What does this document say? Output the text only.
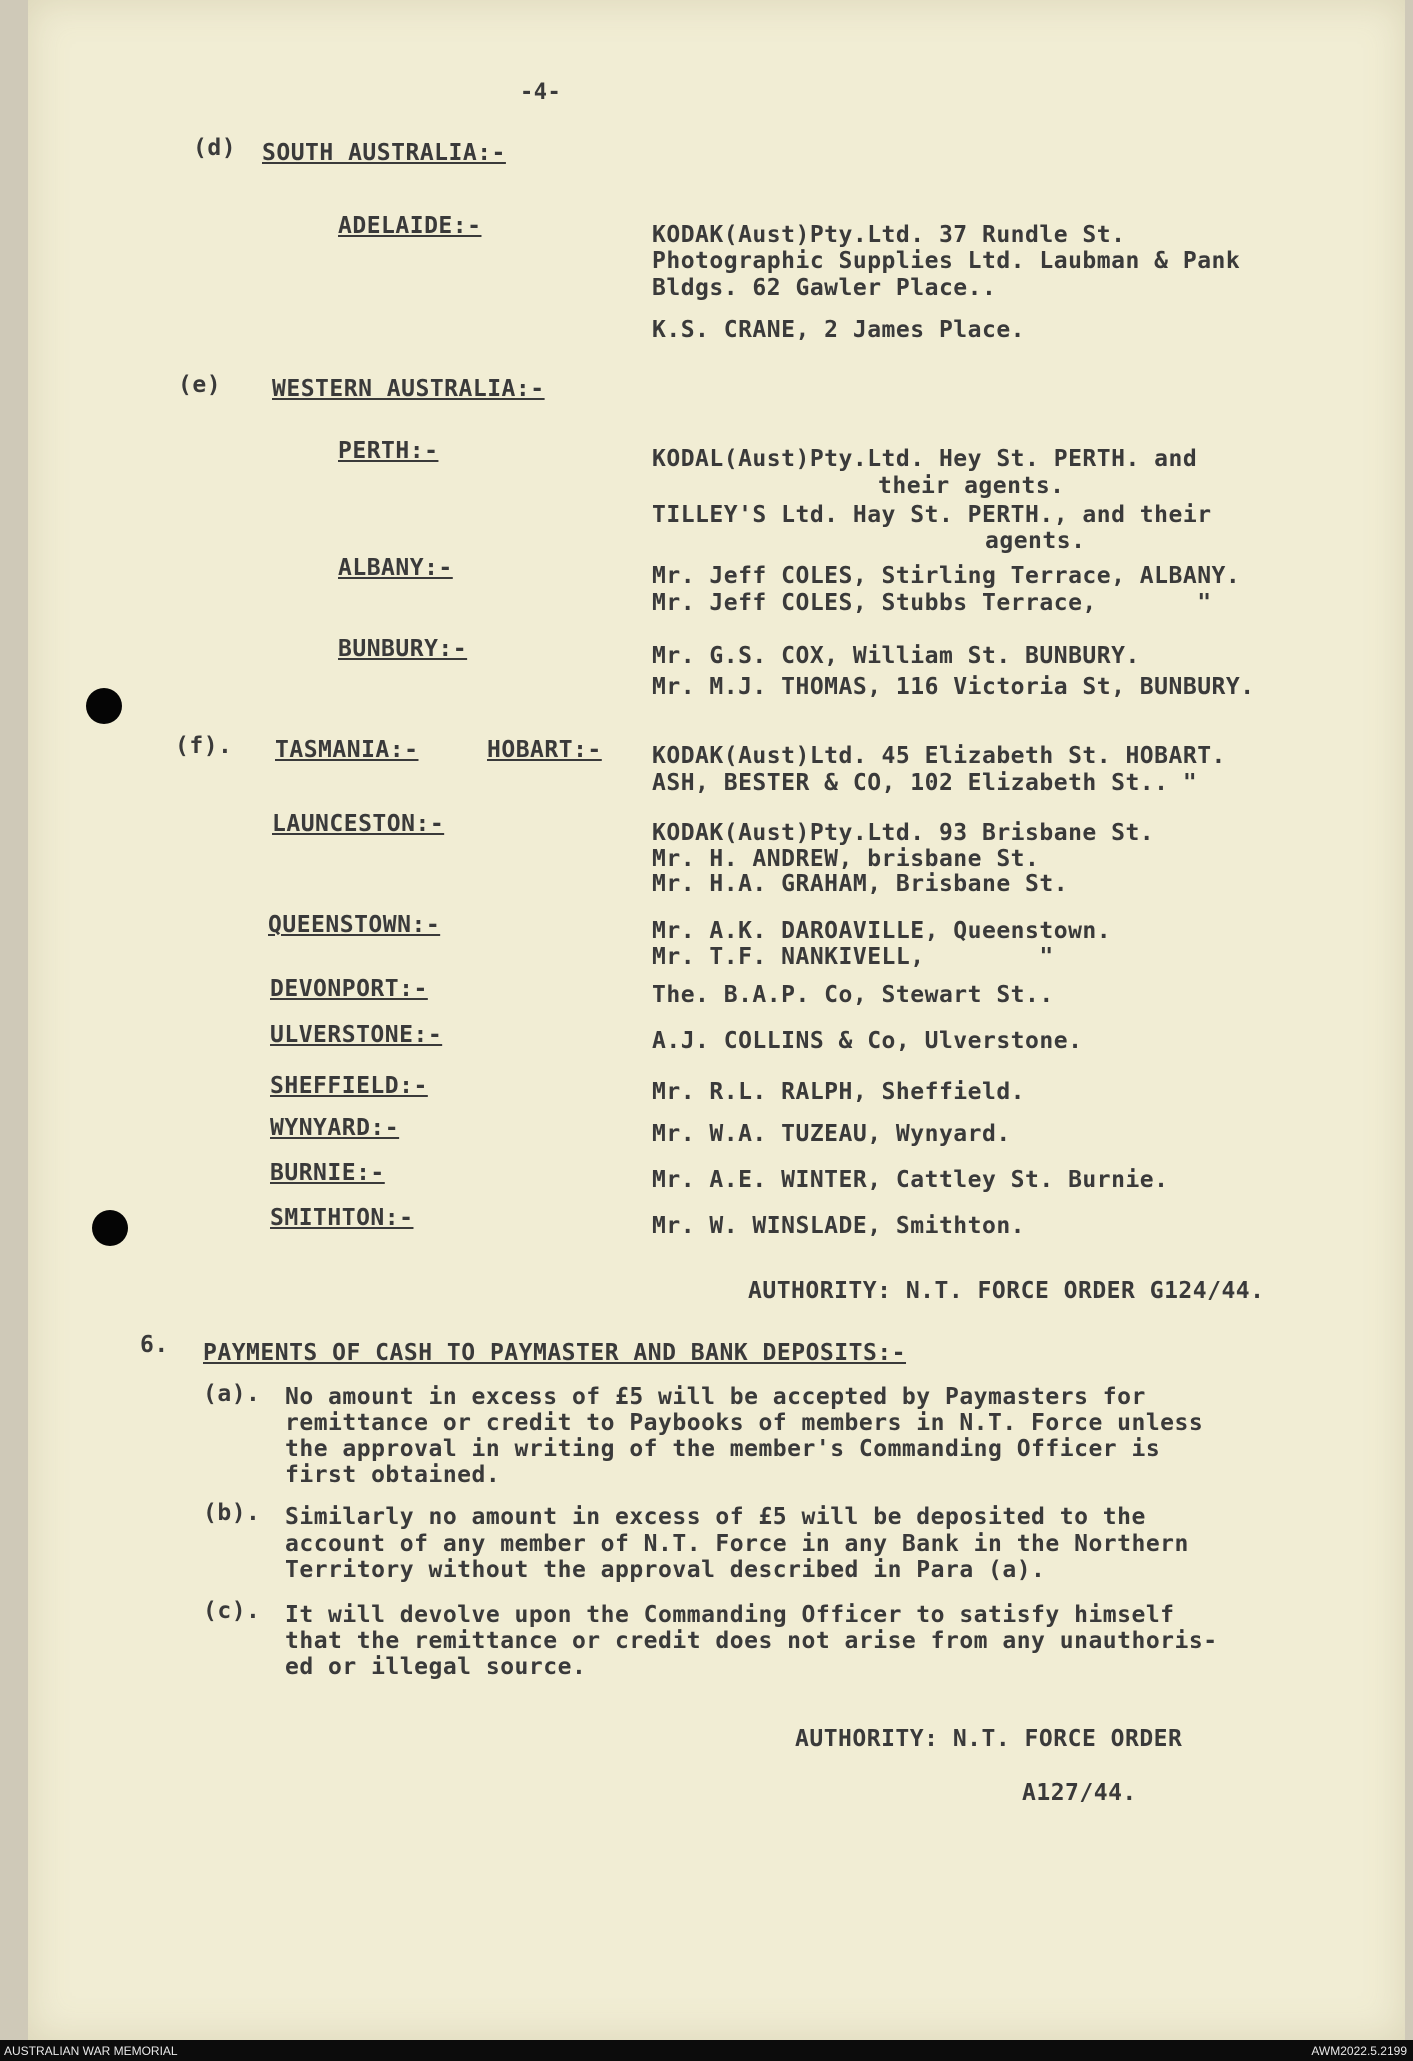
-4-
(d) SOUTH AUSTRALIA:-
ADELAIDE:-	KODAK(Aust)Pty.Ltd. 37 Rundle St.
Photographic Supplies Ltd. Laubman & Pank
Bldgs. 62 Gawler Place..
K.S. CRANE, 2 James Place.
(e) WESTERN AUSTRALIA:-
PERTH:-	KODAL(Aust)Pty.Ltd. Hey St. PERTH. and
their agents.
TILLEY'S Ltd. Hay St. PERTH., and their
agents.
ALBANY:-	Mr. Jeff COLES, Stirling Terrace, ALBANY.
Mr. Jeff COLES, Stubbs Terrace,       "
BUNBURY:-	Mr. G.S. COX, William St. BUNBURY.
Mr. M.J. THOMAS, 116 Victoria St, BUNBURY.
(f). TASMANIA:-	HOBART:- KODAK(Aust)Ltd. 45 Elizabeth St. HOBART.
ASH, BESTER & CO, 102 Elizabeth St.. "
LAUNCESTON:-	KODAK(Aust)Pty.Ltd. 93 Brisbane St.
Mr. H. ANDREW, brisbane St.
Mr. H.A. GRAHAM, Brisbane St.
QUEENSTOWN:-	Mr. A.K. DAROAVILLE, Queenstown.
Mr. T.F. NANKIVELL,        "
DEVONPORT:-	The. B.A.P. Co, Stewart St..
ULVERSTONE:-	A.J. COLLINS & Co, Ulverstone.
SHEFFIELD:-	Mr. R.L. RALPH, Sheffield.
WYNYARD:-	Mr. W.A. TUZEAU, Wynyard.
BURNIE:-	Mr. A.E. WINTER, Cattley St. Burnie.
SMITHTON:-	Mr. W. WINSLADE, Smithton.
AUTHORITY: N.T. FORCE ORDER G124/44.
6. PAYMENTS OF CASH TO PAYMASTER AND BANK DEPOSITS:-
(a). No amount in excess of £5 will be accepted by Paymasters for
remittance or credit to Paybooks of members in N.T. Force unless
the approval in writing of the member's Commanding Officer is
first obtained.
(b). Similarly no amount in excess of £5 will be deposited to the
account of any member of N.T. Force in any Bank in the Northern
Territory without the approval described in Para (a).
(c). It will devolve upon the Commanding Officer to satisfy himself
that the remittance or credit does not arise from any unauthoris-
ed or illegal source.
AUTHORITY: N.T. FORCE ORDER
A127/44.
AUSTRALIAN WAR MEMORIAL	AWM2022.5.2199
